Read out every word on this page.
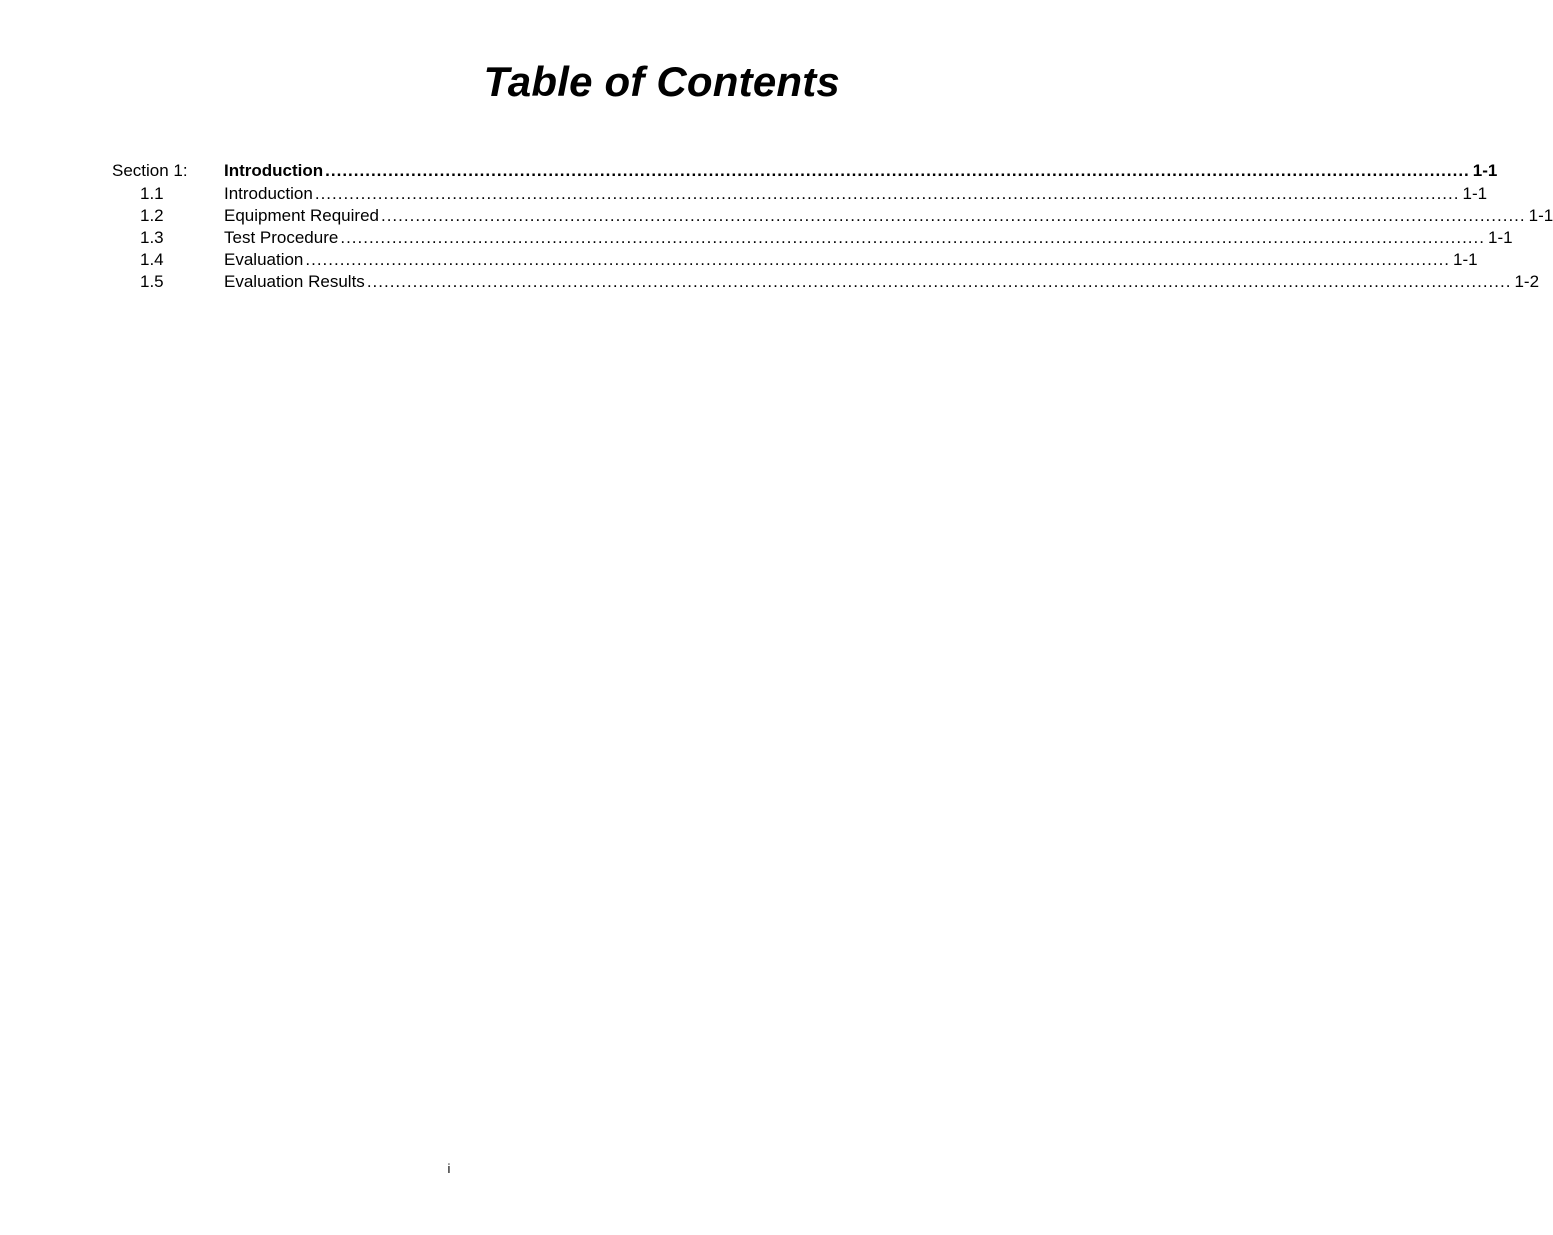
Table of Contents
Section 1:	Introduction ........................................................................................................................................................................................................ 1-1
1.1	Introduction ........................................................................................................................................................................................................ 1-1
1.2	Equipment Required ........................................................................................................................................................................................................ 1-1
1.3	Test Procedure ........................................................................................................................................................................................................ 1-1
1.4	Evaluation ........................................................................................................................................................................................................ 1-1
1.5	Evaluation Results ........................................................................................................................................................................................................ 1-2
i
